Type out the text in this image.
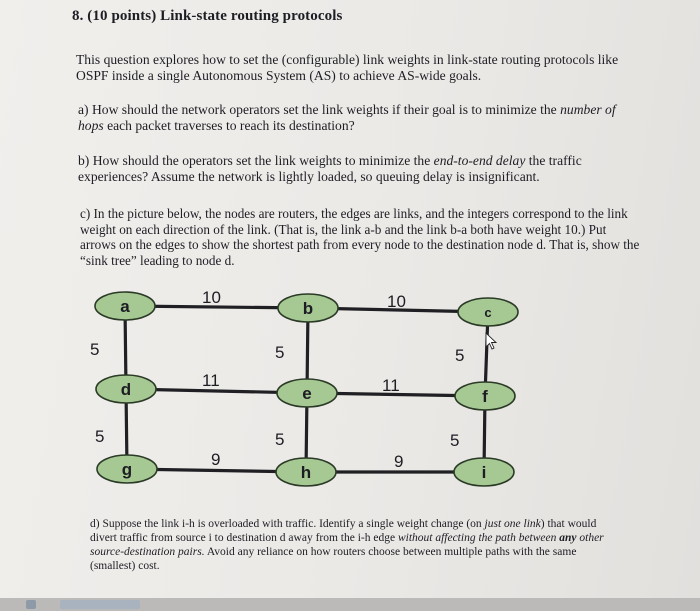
8. (10 points) Link-state routing protocols
This question explores how to set the (configurable) link weights in link-state routing protocols like OSPF inside a single Autonomous System (AS) to achieve AS-wide goals.
a) How should the network operators set the link weights if their goal is to minimize the number of hops each packet traverses to reach its destination?
b) How should the operators set the link weights to minimize the end-to-end delay the traffic experiences? Assume the network is lightly loaded, so queuing delay is insignificant.
c) In the picture below, the nodes are routers, the edges are links, and the integers correspond to the link weight on each direction of the link. (That is, the link a-b and the link b-a both have weight 10.) Put arrows on the edges to show the shortest path from every node to the destination node d. That is, show the “sink tree” leading to node d.
10	10
5	5	5
11	11
5	5	5
9	9
a	b	c
d	e	f
g	h	i
d) Suppose the link i-h is overloaded with traffic. Identify a single weight change (on just one link) that would divert traffic from source i to destination d away from the i-h edge without affecting the path between any other source-destination pairs. Avoid any reliance on how routers choose between multiple paths with the same (smallest) cost.
